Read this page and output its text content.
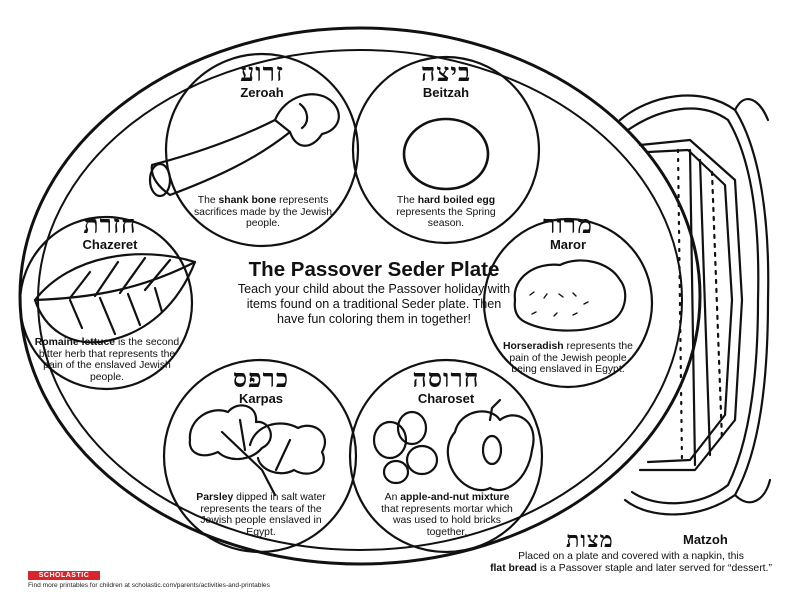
זרוע
Zeroah
The shank bone represents sacrifices made by the Jewish people.
ביצה
Beitzah
The hard boiled egg represents the Spring season.
חזרת
Chazeret
Romaine lettuce is the second bitter herb that represents the pain of the enslaved Jewish people.
מרור
Maror
Horseradish represents the pain of the Jewish people being enslaved in Egypt.
כרפס
Karpas
Parsley dipped in salt water represents the tears of the Jewish people enslaved in Egypt.
חרוסה
Charoset
An apple-and-nut mixture that represents mortar which was used to hold bricks together.
The Passover Seder Plate
Teach your child about the Passover holiday with items found on a traditional Seder plate. Then have fun coloring them in together!
מצות	Matzoh
Placed on a plate and covered with a napkin, this
flat bread is a Passover staple and later served for “dessert.”
SCHOLASTIC
Find more printables for children at scholastic.com/parents/activities-and-printables
